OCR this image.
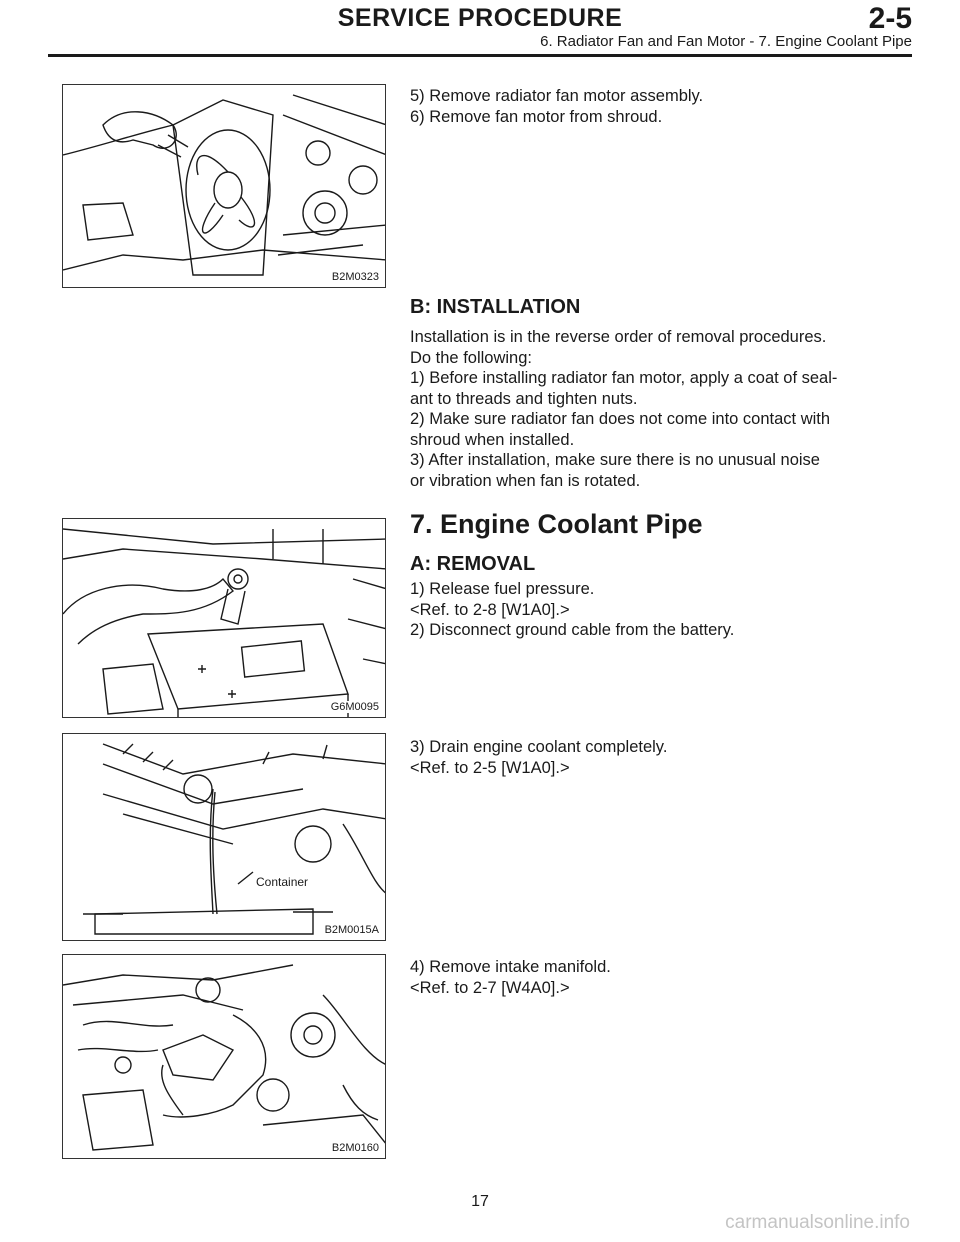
SERVICE PROCEDURE	2-5
6. Radiator Fan and Fan Motor - 7. Engine Coolant Pipe
B2M0323

5) Remove radiator fan motor assembly.

6) Remove fan motor from shroud.

B: INSTALLATION

Installation is in the reverse order of removal procedures.

Do the following:

1) Before installing radiator fan motor, apply a coat of seal-

ant to threads and tighten nuts.

2) Make sure radiator fan does not come into contact with

shroud when installed.

3) After installation, make sure there is no unusual noise

or vibration when fan is rotated.

G6M0095
7. Engine Coolant Pipe
A: REMOVAL

1) Release fuel pressure.

<Ref. to 2-8 [W1A0].>

2) Disconnect ground cable from the battery.

Container
B2M0015A

3) Drain engine coolant completely.

<Ref. to 2-5 [W1A0].>

B2M0160

4) Remove intake manifold.

<Ref. to 2-7 [W4A0].>

17
carmanualsonline.info
